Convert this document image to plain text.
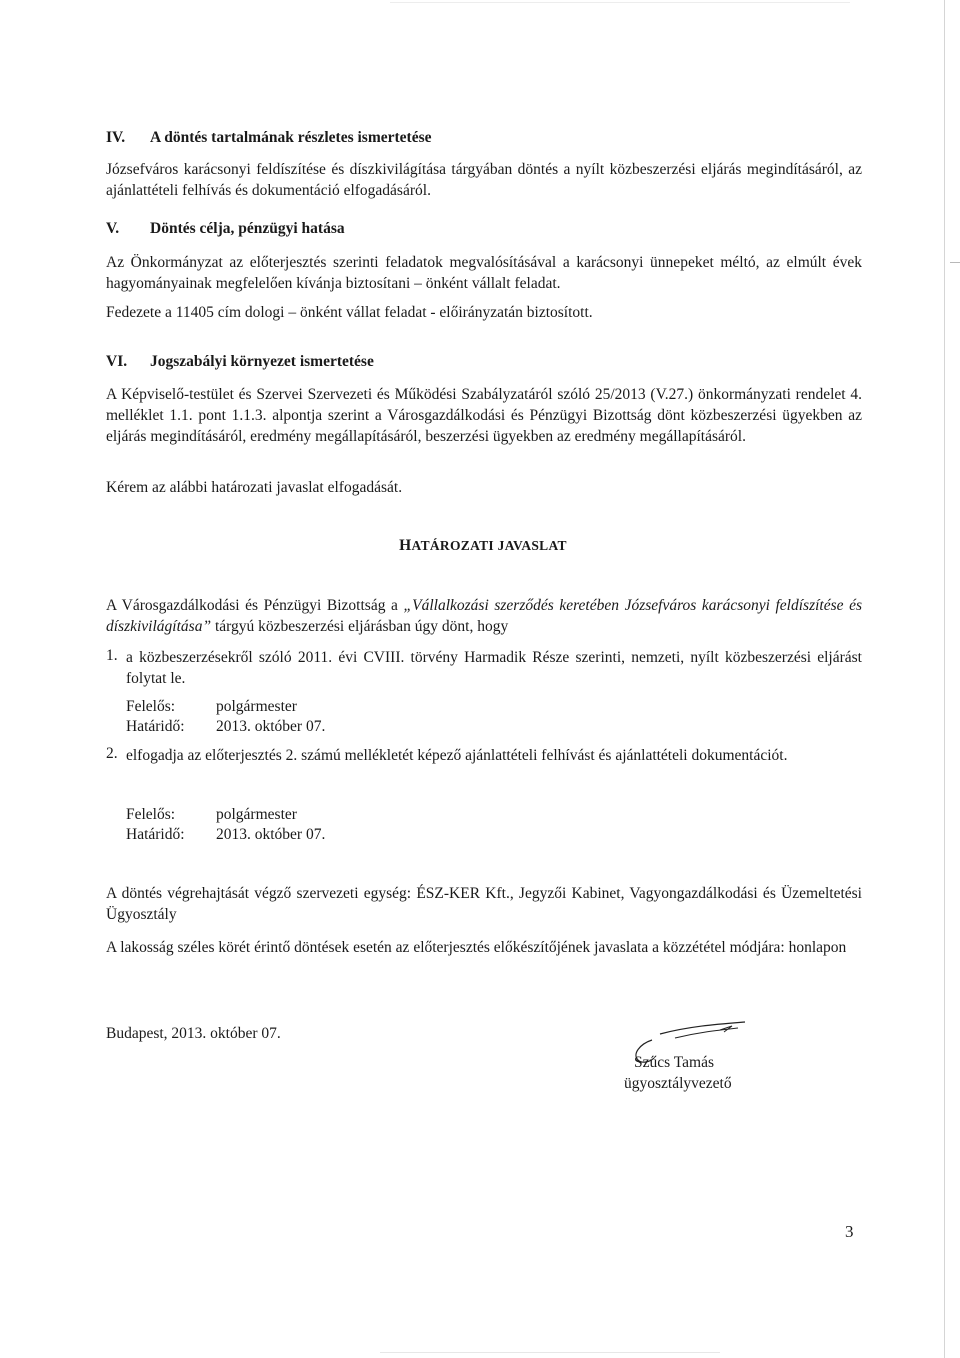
IV. A döntés tartalmának részletes ismertetése

Józsefváros karácsonyi feldíszítése és díszkivilágítása tárgyában döntés a nyílt közbeszerzési eljárás megindításáról, az ajánlattételi felhívás és dokumentáció elfogadásáról.

V. Döntés célja, pénzügyi hatása

Az Önkormányzat az előterjesztés szerinti feladatok megvalósításával a karácsonyi ünnepeket méltó, az elmúlt évek hagyományainak megfelelően kívánja biztosítani – önként vállalt feladat.

Fedezete a 11405 cím dologi – önként vállat feladat - előirányzatán biztosított.
VI. Jogszabályi környezet ismertetése

A Képviselő-testület és Szervei Szervezeti és Működési Szabályzatáról szóló 25/2013 (V.27.) önkormányzati rendelet 4. melléklet 1.1. pont 1.1.3. alpontja szerint a Városgazdálkodási és Pénzügyi Bizottság dönt közbeszerzési ügyekben az eljárás megindításáról, eredmény megállapításáról, beszerzési ügyekben az eredmény megállapításáról.

Kérem az alábbi határozati javaslat elfogadását.
HATÁROZATI JAVASLAT

A Városgazdálkodási és Pénzügyi Bizottság a „Vállalkozási szerződés keretében Józsefváros karácsonyi feldíszítése és díszkivilágítása” tárgyú közbeszerzési eljárásban úgy dönt, hogy

1. a közbeszerzésekről szóló 2011. évi CVIII. törvény Harmadik Része szerinti, nemzeti, nyílt közbeszerzési eljárást folytat le.

Felelős:	polgármester
Határidő: 2013. október 07.
2. elfogadja az előterjesztés 2. számú mellékletét képező ajánlattételi felhívást és ajánlattételi dokumentációt.

Felelős:	polgármester
Határidő: 2013. október 07.

A döntés végrehajtását végző szervezeti egység: ÉSZ-KER Kft., Jegyzői Kabinet, Vagyongazdálkodási és Üzemeltetési Ügyosztály

A lakosság széles körét érintő döntések esetén az előterjesztés előkészítőjének javaslata a közzététel módjára: honlapon

Budapest, 2013. október 07.
Szűcs Tamás
ügyosztályvezető
3
